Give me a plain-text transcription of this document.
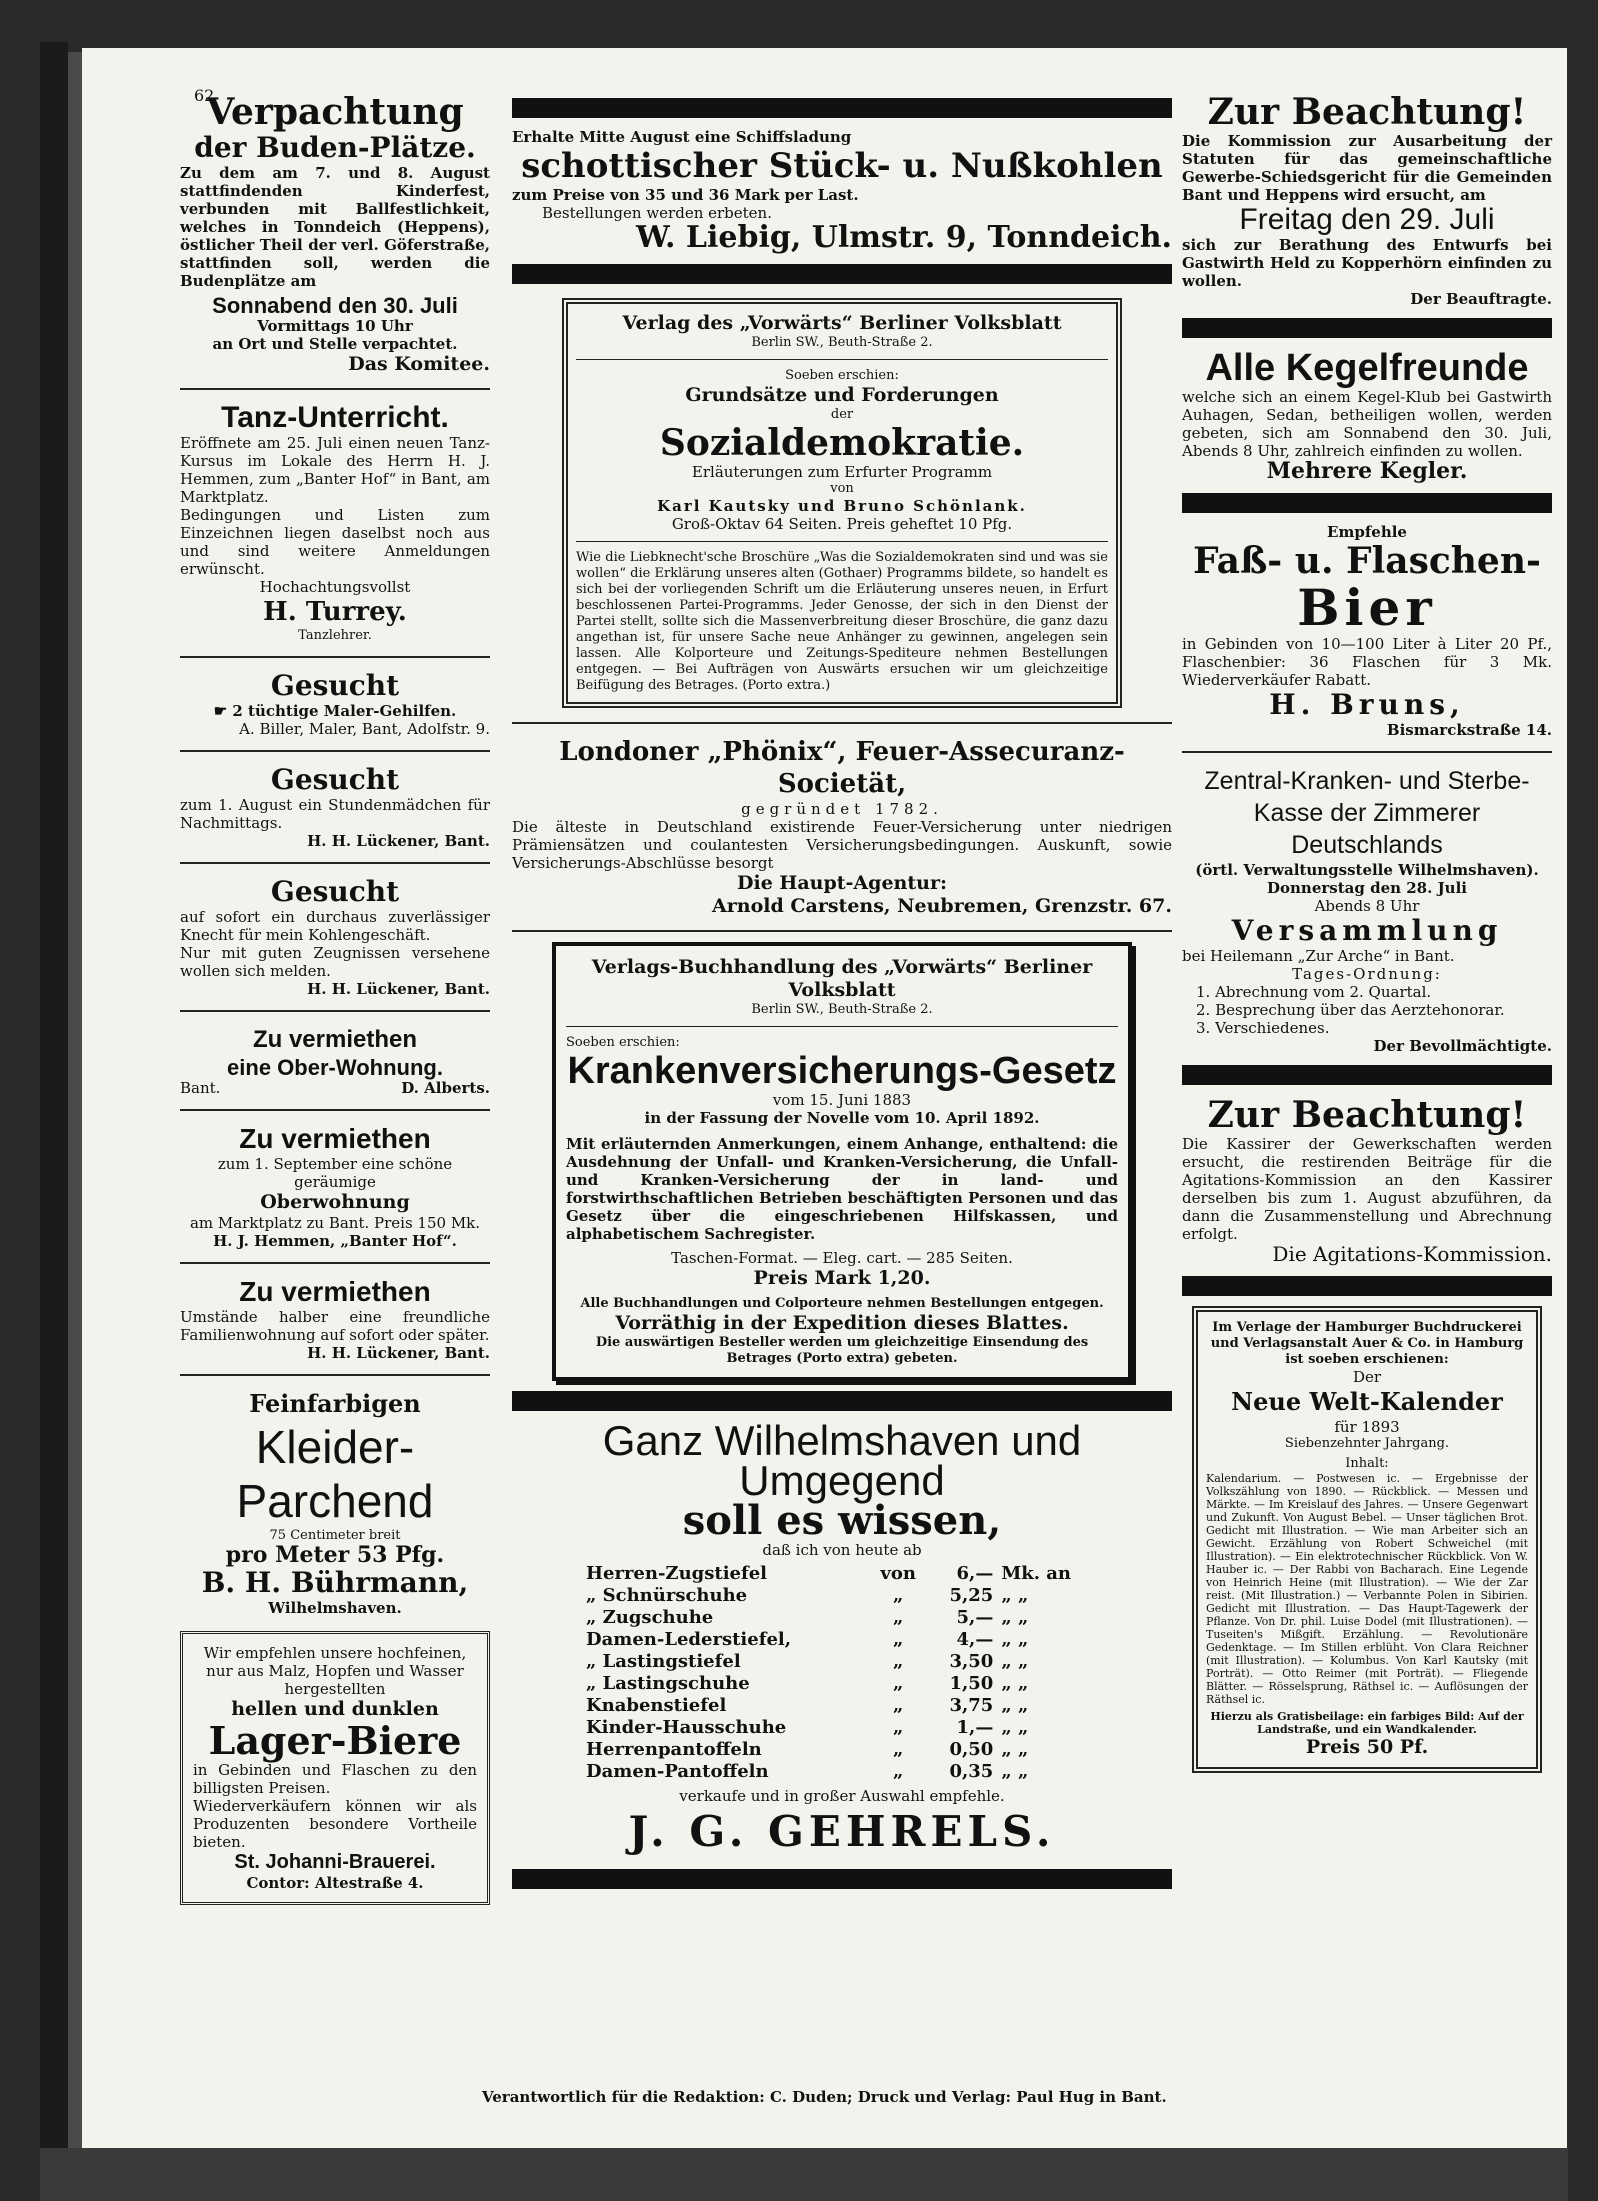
Verpachtung
der Buden-Plätze.
Zu dem am 7. und 8. August stattfindenden Kinderfest, verbunden mit Ballfestlichkeit, welches in Tonndeich (Heppens), östlicher Theil der verl. Göferstraße, stattfinden soll, werden die Budenplätze am
Sonnabend den 30. Juli
Vormittags 10 Uhr
an Ort und Stelle verpachtet.
Das Komitee.
Tanz-Unterricht.
Eröffnete am 25. Juli einen neuen Tanz-Kursus im Lokale des Herrn H. J. Hemmen, zum „Banter Hof“ in Bant, am Marktplatz.
Bedingungen und Listen zum Einzeichnen liegen daselbst noch aus und sind weitere Anmeldungen erwünscht.
Hochachtungsvollst
H. Turrey.
Tanzlehrer.
Gesucht
☛ 2 tüchtige Maler-Gehilfen.
A. Biller, Maler, Bant, Adolfstr. 9.
Gesucht
zum 1. August ein Stundenmädchen für Nachmittags.
H. H. Lückener, Bant.
Gesucht
auf sofort ein durchaus zuverlässiger Knecht für mein Kohlengeschäft.
Nur mit guten Zeugnissen versehene wollen sich melden.
H. H. Lückener, Bant.
Zu vermiethen
eine Ober-Wohnung.
Bant.	D. Alberts.
Zu vermiethen
zum 1. September eine schöne geräumige
Oberwohnung
am Marktplatz zu Bant. Preis 150 Mk.
H. J. Hemmen, „Banter Hof“.
Zu vermiethen
Umstände halber eine freundliche Familienwohnung auf sofort oder später.
H. H. Lückener, Bant.
Feinfarbigen
Kleider-Parchend
75 Centimeter breit
pro Meter 53 Pfg.
B. H. Bührmann,
Wilhelmshaven.
Wir empfehlen unsere hochfeinen, nur aus Malz, Hopfen und Wasser hergestellten
hellen und dunklen
Lager-Biere
in Gebinden und Flaschen zu den billigsten Preisen.
Wiederverkäufern können wir als Produzenten besondere Vortheile bieten.
St. Johanni-Brauerei.
Contor: Altestraße 4.
Erhalte Mitte August eine Schiffsladung
schottischer Stück- u. Nußkohlen
zum Preise von 35 und 36 Mark per Last.
Bestellungen werden erbeten.
W. Liebig, Ulmstr. 9, Tonndeich.
Verlag des „Vorwärts“ Berliner Volksblatt
Berlin SW., Beuth-Straße 2.
Soeben erschien:
Grundsätze und Forderungen
der
Sozialdemokratie.
Erläuterungen zum Erfurter Programm
von
Karl Kautsky und Bruno Schönlank.
Groß-Oktav 64 Seiten. Preis geheftet 10 Pfg.
Wie die Liebknecht'sche Broschüre „Was die Sozialdemokraten sind und was sie wollen“ die Erklärung unseres alten (Gothaer) Programms bildete, so handelt es sich bei der vorliegenden Schrift um die Erläuterung unseres neuen, in Erfurt beschlossenen Partei-Programms. Jeder Genosse, der sich in den Dienst der Partei stellt, sollte sich die Massenverbreitung dieser Broschüre, die ganz dazu angethan ist, für unsere Sache neue Anhänger zu gewinnen, angelegen sein lassen. Alle Kolporteure und Zeitungs-Spediteure nehmen Bestellungen entgegen. — Bei Aufträgen von Auswärts ersuchen wir um gleichzeitige Beifügung des Betrages. (Porto extra.)
Londoner „Phönix“, Feuer-Assecuranz-Societät,
gegründet 1782.
Die älteste in Deutschland existirende Feuer-Versicherung unter niedrigen Prämiensätzen und coulantesten Versicherungsbedingungen. Auskunft, sowie Versicherungs-Abschlüsse besorgt
Die Haupt-Agentur:
Arnold Carstens, Neubremen, Grenzstr. 67.
Verlags-Buchhandlung des „Vorwärts“ Berliner Volksblatt
Berlin SW., Beuth-Straße 2.
Soeben erschien:
Krankenversicherungs-Gesetz
vom 15. Juni 1883
in der Fassung der Novelle vom 10. April 1892.
Mit erläuternden Anmerkungen, einem Anhange, enthaltend: die Ausdehnung der Unfall- und Kranken-Versicherung, die Unfall- und Kranken-Versicherung der in land- und forstwirthschaftlichen Betrieben beschäftigten Personen und das Gesetz über die eingeschriebenen Hilfskassen, und alphabetischem Sachregister.
Taschen-Format. — Eleg. cart. — 285 Seiten.
Preis Mark 1,20.
Alle Buchhandlungen und Colporteure nehmen Bestellungen entgegen.
Vorräthig in der Expedition dieses Blattes.
Die auswärtigen Besteller werden um gleichzeitige Einsendung des Betrages (Porto extra) gebeten.
Ganz Wilhelmshaven und Umgegend
soll es wissen,
daß ich von heute ab
Herren-Zugstiefel	von	6,—	Mk. an
„ Schnürschuhe	„	5,25	„ „
„ Zugschuhe	„	5,—	„ „
Damen-Lederstiefel,	„	4,—	„ „
„ Lastingstiefel	„	3,50	„ „
„ Lastingschuhe	„	1,50	„ „
Knabenstiefel	„	3,75	„ „
Kinder-Hausschuhe	„	1,—	„ „
Herrenpantoffeln	„	0,50	„ „
Damen-Pantoffeln	„	0,35	„ „
verkaufe und in großer Auswahl empfehle.
J. G. GEHRELS.
Zur Beachtung!
Die Kommission zur Ausarbeitung der Statuten für das gemeinschaftliche Gewerbe-Schiedsgericht für die Gemeinden Bant und Heppens wird ersucht, am
Freitag den 29. Juli
sich zur Berathung des Entwurfs bei Gastwirth Held zu Kopperhörn einfinden zu wollen.
Der Beauftragte.
Alle Kegelfreunde
welche sich an einem Kegel-Klub bei Gastwirth Auhagen, Sedan, betheiligen wollen, werden gebeten, sich am Sonnabend den 30. Juli, Abends 8 Uhr, zahlreich einfinden zu wollen.
Mehrere Kegler.
Empfehle
Faß- u. Flaschen-
Bier
in Gebinden von 10—100 Liter à Liter 20 Pf., Flaschenbier: 36 Flaschen für 3 Mk. Wiederverkäufer Rabatt.
H. Bruns,
Bismarckstraße 14.
Zentral-Kranken- und Sterbe-Kasse der Zimmerer Deutschlands
(örtl. Verwaltungsstelle Wilhelmshaven).
Donnerstag den 28. Juli
Abends 8 Uhr
Versammlung
bei Heilemann „Zur Arche“ in Bant.
Tages-Ordnung:
1. Abrechnung vom 2. Quartal.
2. Besprechung über das Aerztehonorar.
3. Verschiedenes.
Der Bevollmächtigte.
Zur Beachtung!
Die Kassirer der Gewerkschaften werden ersucht, die restirenden Beiträge für die Agitations-Kommission an den Kassirer derselben bis zum 1. August abzuführen, da dann die Zusammenstellung und Abrechnung erfolgt.
Die Agitations-Kommission.
Im Verlage der Hamburger Buchdruckerei und Verlagsanstalt Auer & Co. in Hamburg ist soeben erschienen:
Der
Neue Welt-Kalender
für 1893
Siebenzehnter Jahrgang.
Inhalt:
Kalendarium. — Postwesen ic. — Ergebnisse der Volkszählung von 1890. — Rückblick. — Messen und Märkte. — Im Kreislauf des Jahres. — Unsere Gegenwart und Zukunft. Von August Bebel. — Unser täglichen Brot. Gedicht mit Illustration. — Wie man Arbeiter sich an Gewicht. Erzählung von Robert Schweichel (mit Illustration). — Ein elektrotechnischer Rückblick. Von W. Hauber ic. — Der Rabbi von Bacharach. Eine Legende von Heinrich Heine (mit Illustration). — Wie der Zar reist. (Mit Illustration.) — Verbannte Polen in Sibirien. Gedicht mit Illustration. — Das Haupt-Tagewerk der Pflanze. Von Dr. phil. Luise Dodel (mit Illustrationen). — Tuseiten's Mißgift. Erzählung. — Revolutionäre Gedenktage. — Im Stillen erblüht. Von Clara Reichner (mit Illustration). — Kolumbus. Von Karl Kautsky (mit Porträt). — Otto Reimer (mit Porträt). — Fliegende Blätter. — Rösselsprung, Räthsel ic. — Auflösungen der Räthsel ic.
Hierzu als Gratisbeilage: ein farbiges Bild: Auf der Landstraße, und ein Wandkalender.
Preis 50 Pf.
Verantwortlich für die Redaktion: C. Duden; Druck und Verlag: Paul Hug in Bant.
62
